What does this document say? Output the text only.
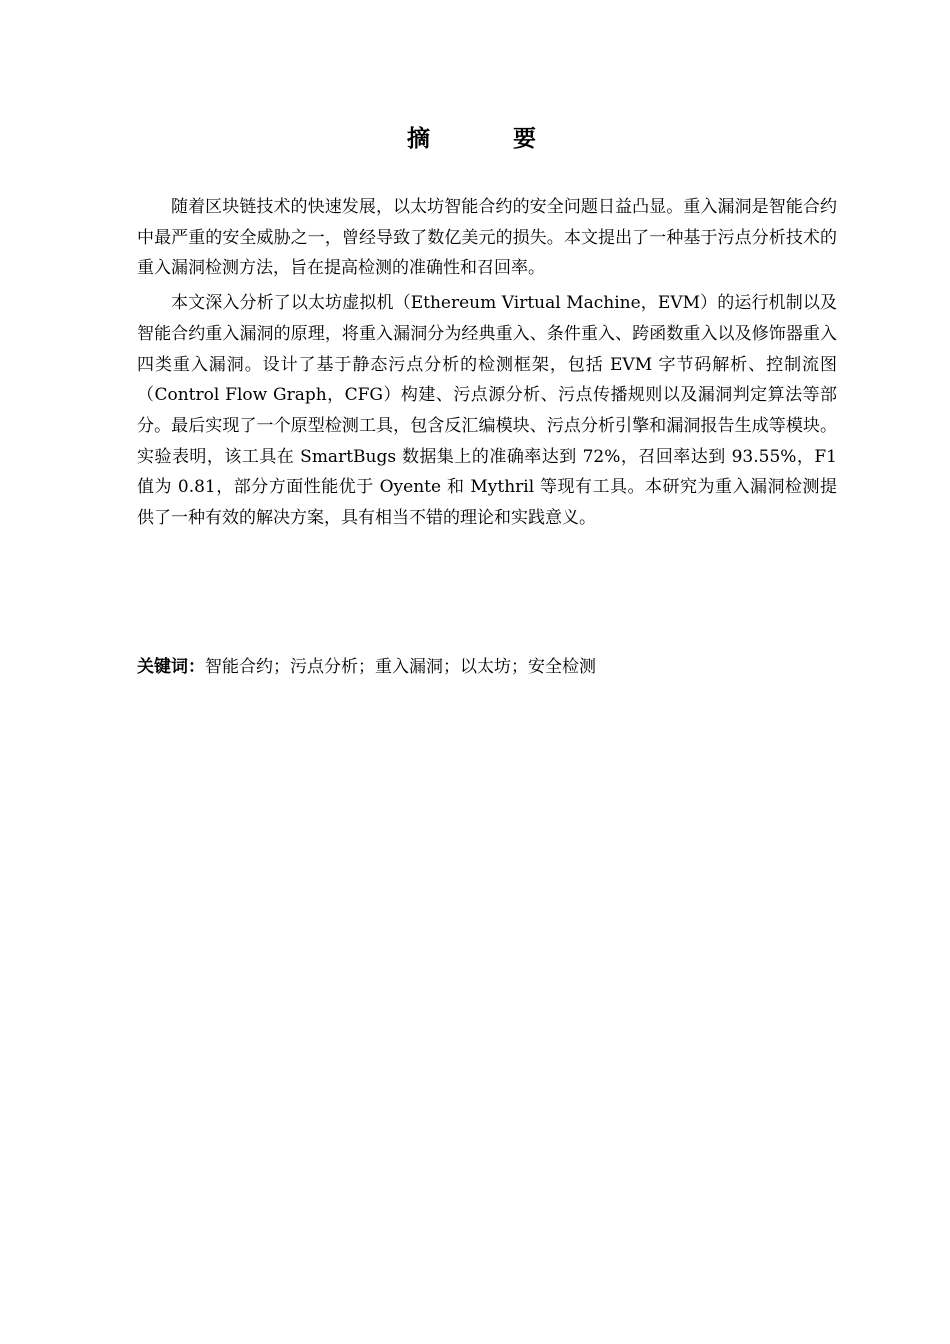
摘　要

随着区块链技术的快速发展，以太坊智能合约的安全问题日益凸显。重入漏洞是智能合约中最严重的安全威胁之一，曾经导致了数亿美元的损失。本文提出了一种基于污点分析技术的重入漏洞检测方法，旨在提高检测的准确性和召回率。

本文深入分析了以太坊虚拟机（Ethereum Virtual Machine，EVM）的运行机制以及智能合约重入漏洞的原理，将重入漏洞分为经典重入、条件重入、跨函数重入以及修饰器重入四类重入漏洞。设计了基于静态污点分析的检测框架，包括 EVM 字节码解析、控制流图（Control Flow Graph，CFG）构建、污点源分析、污点传播规则以及漏洞判定算法等部分。最后实现了一个原型检测工具，包含反汇编模块、污点分析引擎和漏洞报告生成等模块。实验表明，该工具在 SmartBugs 数据集上的准确率达到 72%，召回率达到 93.55%，F1 值为 0.81，部分方面性能优于 Oyente 和 Mythril 等现有工具。本研究为重入漏洞检测提供了一种有效的解决方案，具有相当不错的理论和实践意义。

关键词：智能合约；污点分析；重入漏洞；以太坊；安全检测
